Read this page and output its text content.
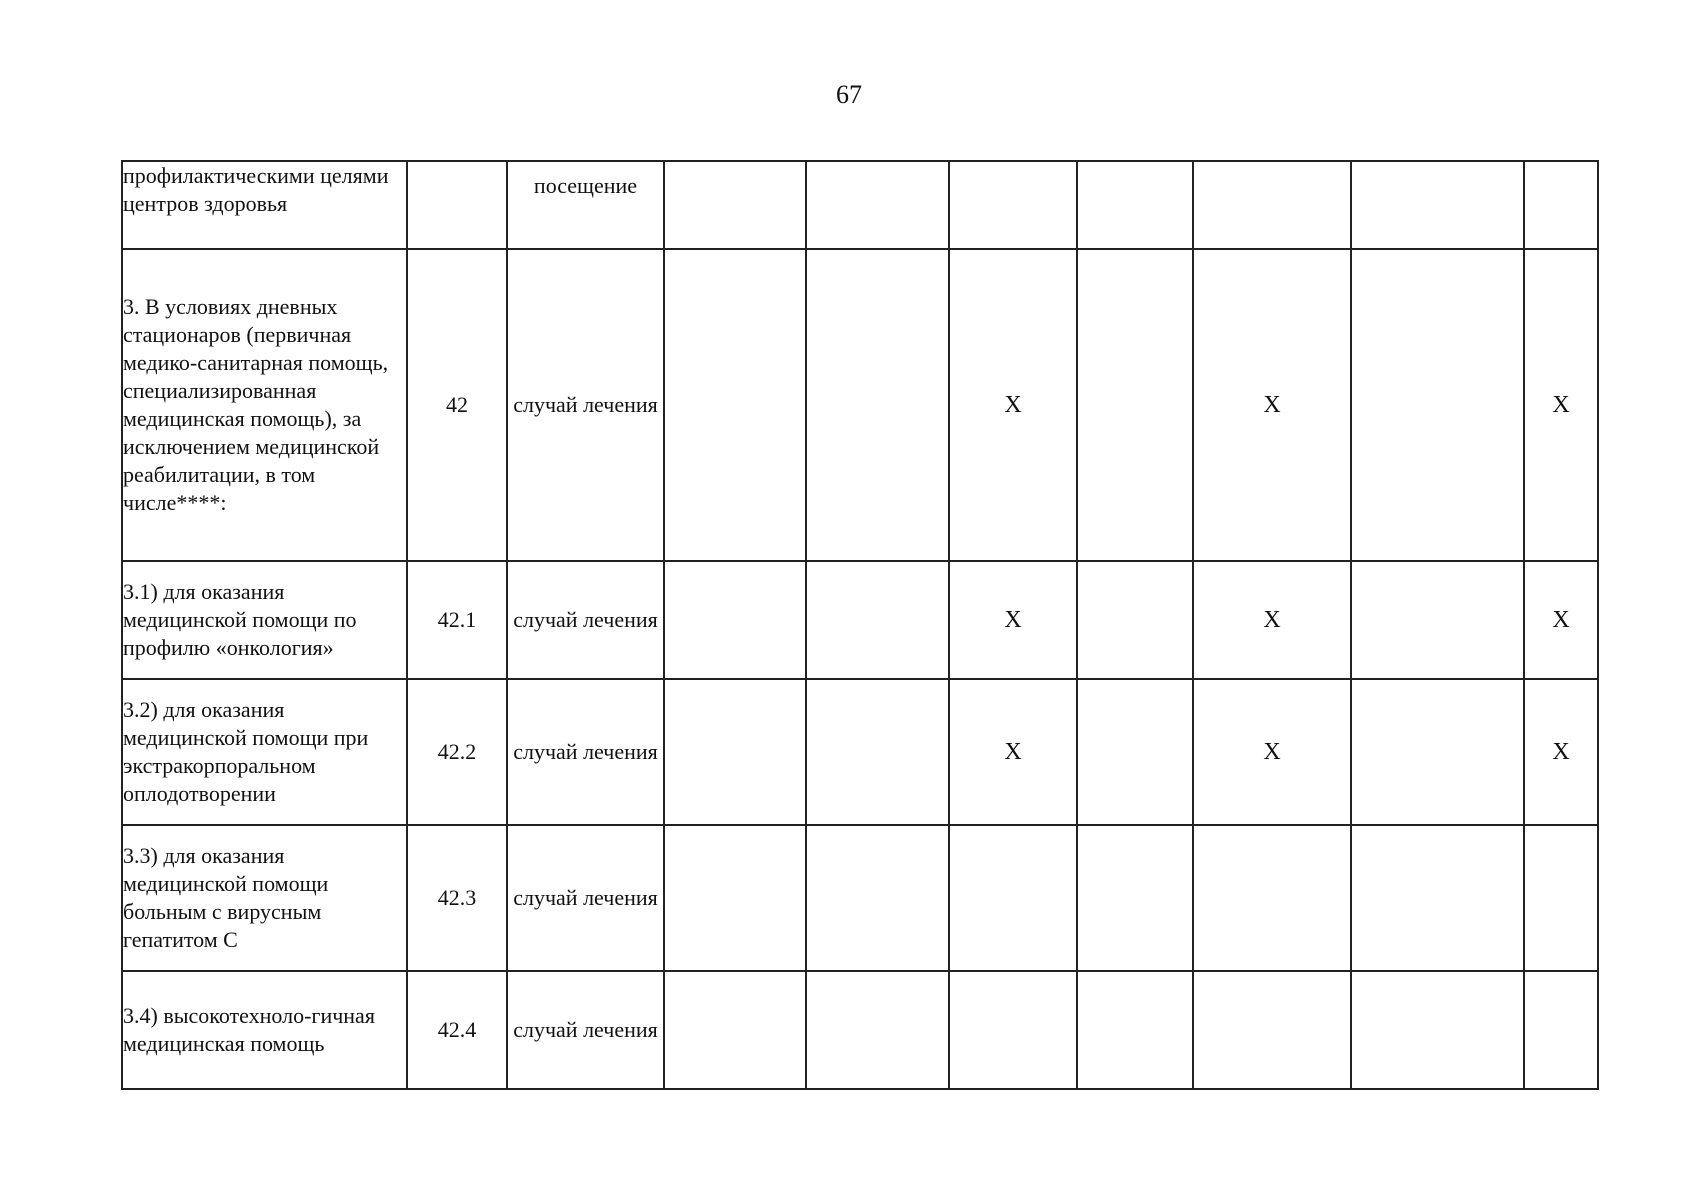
67
профилактическими целями центров здоровья		посещение							
3. В условиях дневных стационаров (первичная медико-санитарная помощь, специализированная медицинская помощь), за исключением медицинской реабилитации, в том числе****:	42	случай лечения			Х		Х		Х
3.1) для оказания медицинской помощи по профилю «онкология»	42.1	случай лечения			Х		Х		Х
3.2) для оказания медицинской помощи при экстракорпоральном оплодотворении	42.2	случай лечения			Х		Х		Х
3.3) для оказания медицинской помощи больным с вирусным гепатитом С	42.3	случай лечения							
3.4) высокотехноло-гичная медицинская помощь	42.4	случай лечения							
